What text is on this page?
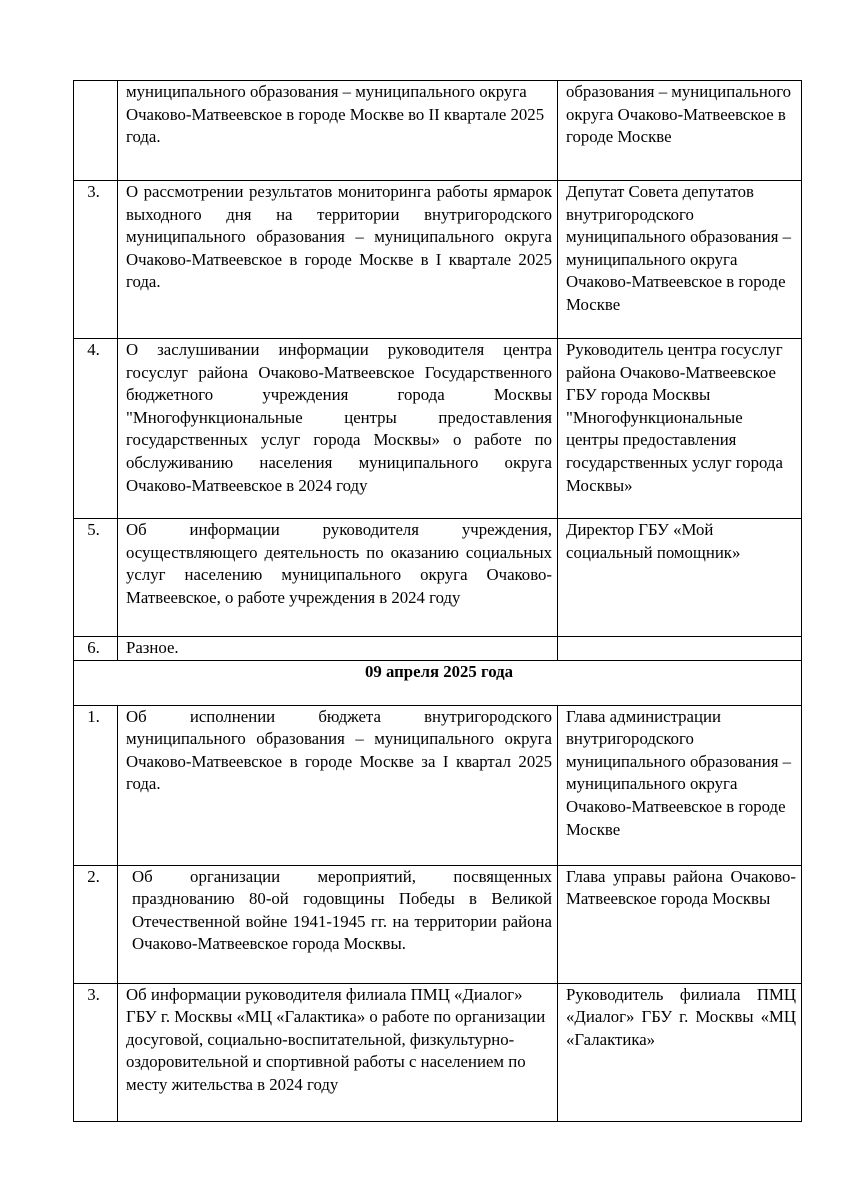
	муниципального образования – муниципального округа Очаково-Матвеевское в городе Москве во II квартале 2025 года.	образования – муниципального округа Очаково-Матвеевское в городе Москве
3.	О рассмотрении результатов мониторинга работы ярмарок выходного дня на территории внутригородского муниципального образования – муниципального округа Очаково-Матвеевское в городе Москве в I квартале 2025 года.	Депутат Совета депутатов внутригородского муниципального образования – муниципального округа Очаково-Матвеевское в городе Москве
4.	О заслушивании информации руководителя центра госуслуг района Очаково-Матвеевское Государственного бюджетного учреждения города Москвы "Многофункциональные центры предоставления государственных услуг города Москвы» о работе по обслуживанию населения муниципального округа Очаково-Матвеевское в 2024 году	Руководитель центра госуслуг района Очаково-Матвеевское ГБУ города Москвы "Многофункциональные центры предоставления государственных услуг города Москвы»
5.	Об информации руководителя учреждения, осуществляющего деятельность по оказанию социальных услуг населению муниципального округа Очаково-Матвеевское, о работе учреждения в 2024 году	Директор ГБУ «Мой социальный помощник»
6.	Разное.	

09 апреля 2025 года		

1.	Об исполнении бюджета внутригородского муниципального образования – муниципального округа Очаково-Матвеевское в городе Москве за I квартал 2025 года.	Глава администрации внутригородского муниципального образования – муниципального округа Очаково-Матвеевское в городе Москве
2.	Об организации мероприятий, посвященных празднованию 80-ой годовщины Победы в Великой Отечественной войне 1941-1945 гг. на территории района Очаково-Матвеевское города Москвы.	Глава управы района Очаково-Матвеевское города Москвы
3.	Об информации руководителя филиала ПМЦ «Диалог» ГБУ г. Москвы «МЦ «Галактика» о работе по организации досуговой, социально-воспитательной, физкультурно-оздоровительной и спортивной работы с населением по месту жительства в 2024 году	Руководитель филиала ПМЦ «Диалог» ГБУ г. Москвы «МЦ «Галактика»
